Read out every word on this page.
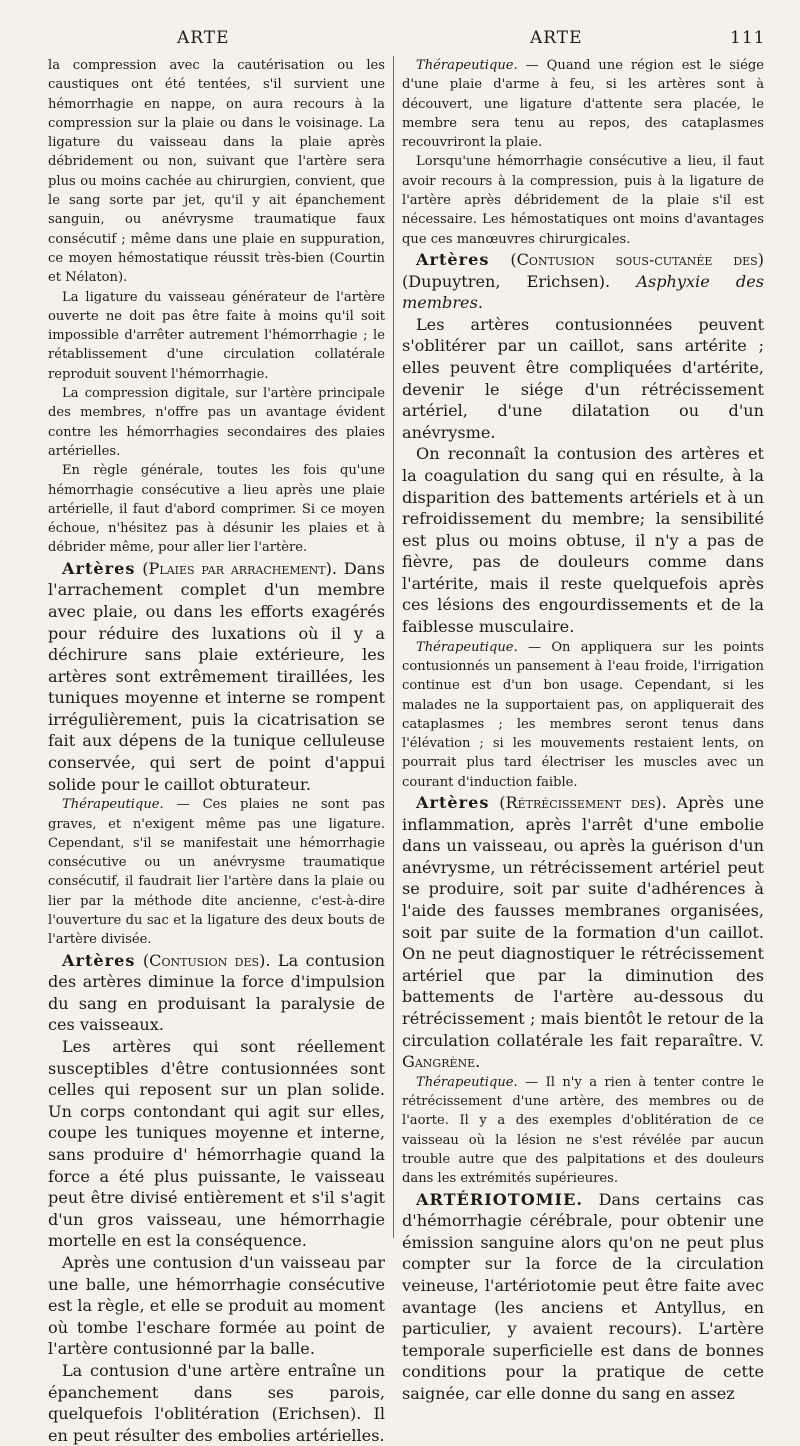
ARTE	ARTE	111

la compression avec la cautérisation ou les caustiques ont été tentées, s'il survient une hémorrhagie en nappe, on aura recours à la compression sur la plaie ou dans le voisinage. La ligature du vaisseau dans la plaie après débridement ou non, suivant que l'artère sera plus ou moins cachée au chirurgien, convient, que le sang sorte par jet, qu'il y ait épanchement sanguin, ou anévrysme traumatique faux consécutif ; même dans une plaie en suppuration, ce moyen hémostatique réussit très-bien (Courtin et Nélaton).

La ligature du vaisseau générateur de l'artère ouverte ne doit pas être faite à moins qu'il soit impossible d'arrêter autrement l'hémorrhagie ; le rétablissement d'une circulation collatérale reproduit souvent l'hémorrhagie.

La compression digitale, sur l'artère principale des membres, n'offre pas un avantage évident contre les hémorrhagies secondaires des plaies artérielles.

En règle générale, toutes les fois qu'une hémorrhagie consécutive a lieu après une plaie artérielle, il faut d'abord comprimer. Si ce moyen échoue, n'hésitez pas à désunir les plaies et à débrider même, pour aller lier l'artère.

Artères (Plaies par arrachement). Dans l'arrachement complet d'un membre avec plaie, ou dans les efforts exagérés pour réduire des luxations où il y a déchirure sans plaie extérieure, les artères sont extrêmement tiraillées, les tuniques moyenne et interne se rompent irrégulièrement, puis la cicatrisation se fait aux dépens de la tunique celluleuse conservée, qui sert de point d'appui solide pour le caillot obturateur.

Thérapeutique. — Ces plaies ne sont pas graves, et n'exigent même pas une ligature. Cependant, s'il se manifestait une hémorrhagie consécutive ou un anévrysme traumatique consécutif, il faudrait lier l'artère dans la plaie ou lier par la méthode dite ancienne, c'est-à-dire l'ouverture du sac et la ligature des deux bouts de l'artère divisée.

Artères (Contusion des). La contusion des artères diminue la force d'impulsion du sang en produisant la paralysie de ces vaisseaux.

Les artères qui sont réellement susceptibles d'être contusionnées sont celles qui reposent sur un plan solide. Un corps contondant qui agit sur elles, coupe les tuniques moyenne et interne, sans produire d' hémorrhagie quand la force a été plus puissante, le vaisseau peut être divisé entièrement et s'il s'agit d'un gros vaisseau, une hémorrhagie mortelle en est la conséquence.

Après une contusion d'un vaisseau par une balle, une hémorrhagie consécutive est la règle, et elle se produit au moment où tombe l'eschare formée au point de l'artère contusionné par la balle.

La contusion d'une artère entraîne un épanchement dans ses parois, quelquefois l'oblitération (Erichsen). Il en peut résulter des embolies artérielles.

Thérapeutique. — Quand une région est le siége d'une plaie d'arme à feu, si les artères sont à découvert, une ligature d'attente sera placée, le membre sera tenu au repos, des cataplasmes recouvriront la plaie.

Lorsqu'une hémorrhagie consécutive a lieu, il faut avoir recours à la compression, puis à la ligature de l'artère après débridement de la plaie s'il est nécessaire. Les hémostatiques ont moins d'avantages que ces manœuvres chirurgicales.

Artères (Contusion sous-cutanée des) (Dupuytren, Erichsen). Asphyxie des membres.

Les artères contusionnées peuvent s'oblitérer par un caillot, sans artérite ; elles peuvent être compliquées d'artérite, devenir le siége d'un rétrécissement artériel, d'une dilatation ou d'un anévrysme.

On reconnaît la contusion des artères et la coagulation du sang qui en résulte, à la disparition des battements artériels et à un refroidissement du membre; la sensibilité est plus ou moins obtuse, il n'y a pas de fièvre, pas de douleurs comme dans l'artérite, mais il reste quelquefois après ces lésions des engourdissements et de la faiblesse musculaire.

Thérapeutique. — On appliquera sur les points contusionnés un pansement à l'eau froide, l'irrigation continue est d'un bon usage. Cependant, si les malades ne la supportaient pas, on appliquerait des cataplasmes ; les membres seront tenus dans l'élévation ; si les mouvements restaient lents, on pourrait plus tard électriser les muscles avec un courant d'induction faible.

Artères (Rétrécissement des). Après une inflammation, après l'arrêt d'une embolie dans un vaisseau, ou après la guérison d'un anévrysme, un rétrécissement artériel peut se produire, soit par suite d'adhérences à l'aide des fausses membranes organisées, soit par suite de la formation d'un caillot. On ne peut diagnostiquer le rétrécissement artériel que par la diminution des battements de l'artère au-dessous du rétrécissement ; mais bientôt le retour de la circulation collatérale les fait reparaître. V. Gangrène.

Thérapeutique. — Il n'y a rien à tenter contre le rétrécissement d'une artère, des membres ou de l'aorte. Il y a des exemples d'oblitération de ce vaisseau où la lésion ne s'est révélée par aucun trouble autre que des palpitations et des douleurs dans les extrémités supérieures.

ARTÉRIOTOMIE. Dans certains cas d'hémorrhagie cérébrale, pour obtenir une émission sanguine alors qu'on ne peut plus compter sur la force de la circulation veineuse, l'artériotomie peut être faite avec avantage (les anciens et Antyllus, en particulier, y avaient recours). L'artère temporale superficielle est dans de bonnes conditions pour la pratique de cette saignée, car elle donne du sang en assez
